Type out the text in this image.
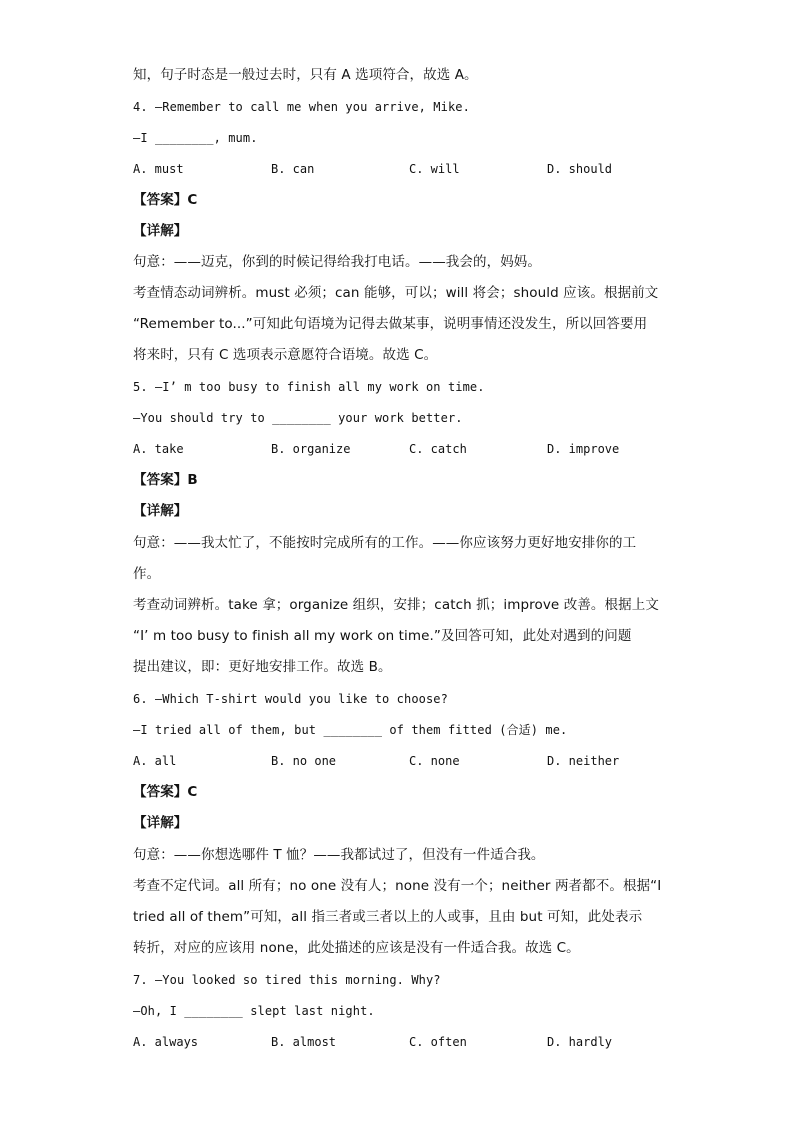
知，句子时态是一般过去时，只有 A 选项符合，故选 A。
4. —Remember to call me when you arrive, Mike.
—I ________, mum.
A. must	B. can	C. will	D. should
【答案】C
【详解】
句意：——迈克，你到的时候记得给我打电话。——我会的，妈妈。
考查情态动词辨析。must 必须；can 能够，可以；will 将会；should 应该。根据前文
“Remember to...”可知此句语境为记得去做某事，说明事情还没发生，所以回答要用
将来时，只有 C 选项表示意愿符合语境。故选 C。
5. —I’ m too busy to finish all my work on time.
—You should try to ________ your work better.
A. take	B. organize	C. catch	D. improve
【答案】B
【详解】
句意：——我太忙了，不能按时完成所有的工作。——你应该努力更好地安排你的工
作。
考查动词辨析。take 拿；organize 组织，安排；catch 抓；improve 改善。根据上文
“I’ m too busy to finish all my work on time.”及回答可知，此处对遇到的问题
提出建议，即：更好地安排工作。故选 B。
6. —Which T-shirt would you like to choose?
—I tried all of them, but ________ of them fitted (合适) me.
A. all	B. no one	C. none	D. neither
【答案】C
【详解】
句意：——你想选哪件 T 恤？——我都试过了，但没有一件适合我。
考查不定代词。all 所有；no one 没有人；none 没有一个；neither 两者都不。根据“I
tried all of them”可知，all 指三者或三者以上的人或事，且由 but 可知，此处表示
转折，对应的应该用 none，此处描述的应该是没有一件适合我。故选 C。
7. —You looked so tired this morning. Why?
—Oh, I ________ slept last night.
A. always	B. almost	C. often	D. hardly
